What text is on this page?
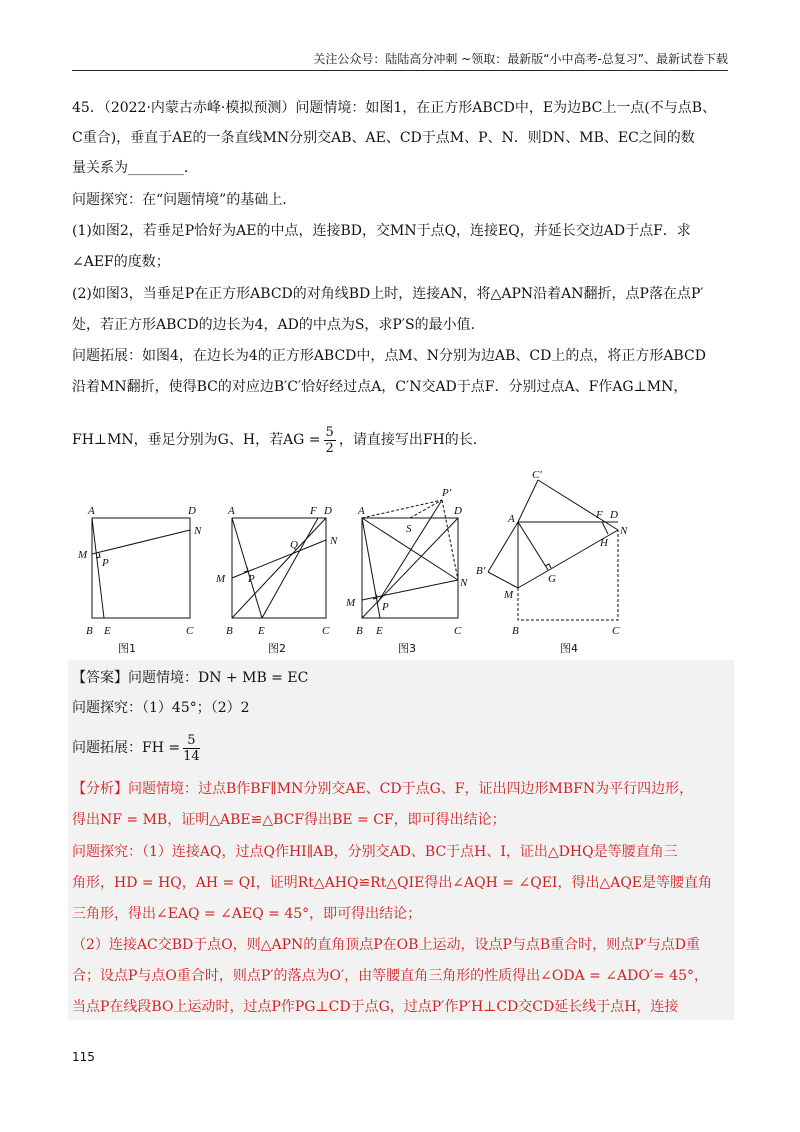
关注公众号：陆陆高分冲刺 ~领取：最新版“小中高考-总复习”、最新试卷下载
45．（2022·内蒙古赤峰·模拟预测）问题情境：如图1，在正方形ABCD中，E为边BC上一点(不与点B、
C重合)，垂直于AE的一条直线MN分别交AB、AE、CD于点M、P、N．则DN、MB、EC之间的数
量关系为________．
问题探究：在“问题情境”的基础上．
(1)如图2，若垂足P恰好为AE的中点，连接BD，交MN于点Q，连接EQ，并延长交边AD于点F．求
∠AEF的度数；
(2)如图3，当垂足P在正方形ABCD的对角线BD上时，连接AN，将△APN沿着AN翻折，点P落在点P′
处，若正方形ABCD的边长为4，AD的中点为S，求P′S的最小值．
问题拓展：如图4，在边长为4的正方形ABCD中，点M、N分别为边AB、CD上的点，将正方形ABCD
沿着MN翻折，使得BC的对应边B′C′恰好经过点A，C′N交AD于点F．分别过点A、F作AG⊥MN，
FH⊥MN，垂足分别为G、H，若AG = $\frac{5}{2}$ ，请直接写出FH的长．
A	D
N
M
P
B E	C
图1
A	F D
Q	N
M P
B E	C
图2
A	D
P′
S
N
M P
B E	C
图3
C′
A	F D
N
H
B′
G
M
B	C
图4
【答案】问题情境：DN + MB = EC
问题探究：（1）45°；（2）2
问题拓展：FH = $\frac{5}{14}$
【分析】问题情境：过点B作BF∥MN分别交AE、CD于点G、F，证出四边形MBFN为平行四边形，
得出NF = MB，证明△ABE≌△BCF得出BE = CF，即可得出结论；
问题探究：（1）连接AQ，过点Q作HI∥AB，分别交AD、BC于点H、I，证出△DHQ是等腰直角三
角形，HD = HQ，AH = QI，证明Rt△AHQ≌Rt△QIE得出∠AQH = ∠QEI，得出△AQE是等腰直角
三角形，得出∠EAQ = ∠AEQ = 45°，即可得出结论；
（2）连接AC交BD于点O，则△APN的直角顶点P在OB上运动，设点P与点B重合时，则点P′与点D重
合；设点P与点O重合时，则点P′的落点为O′，由等腰直角三角形的性质得出∠ODA = ∠ADO′= 45°，
当点P在线段BO上运动时，过点P作PG⊥CD于点G，过点P′作P′H⊥CD交CD延长线于点H，连接
115
